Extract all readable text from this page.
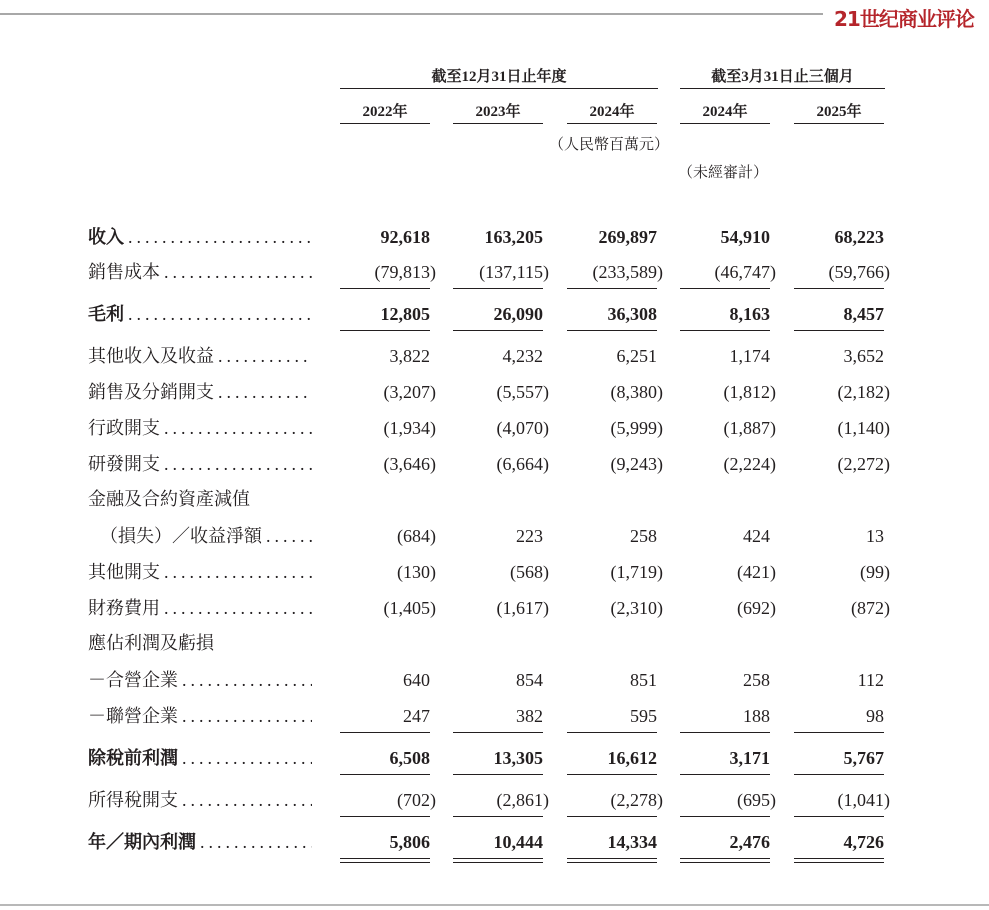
21世纪商业评论
截至12月31日止年度	截至3月31日止三個月
2022年	2023年	2024年	2024年	2025年
（人民幣百萬元）
（未經審計）
收入 .....	92,618	163,205	269,897	54,910	68,223
銷售成本 .....	(79,813)	(137,115)	(233,589)	(46,747)	(59,766)
毛利 .....	12,805	26,090	36,308	8,163	8,457
其他收入及收益 .....	3,822	4,232	6,251	1,174	3,652
銷售及分銷開支 .....	(3,207)	(5,557)	(8,380)	(1,812)	(2,182)
行政開支 .....	(1,934)	(4,070)	(5,999)	(1,887)	(1,140)
研發開支 .....	(3,646)	(6,664)	(9,243)	(2,224)	(2,272)
金融及合約資產減值
（損失）／收益淨額 .....	(684)	223	258	424	13
其他開支 .....	(130)	(568)	(1,719)	(421)	(99)
財務費用 .....	(1,405)	(1,617)	(2,310)	(692)	(872)
應佔利潤及虧損
－合營企業 .....	640	854	851	258	112
－聯營企業 .....	247	382	595	188	98
除稅前利潤 .....	6,508	13,305	16,612	3,171	5,767
所得稅開支 .....	(702)	(2,861)	(2,278)	(695)	(1,041)
年／期內利潤 .....	5,806	10,444	14,334	2,476	4,726
